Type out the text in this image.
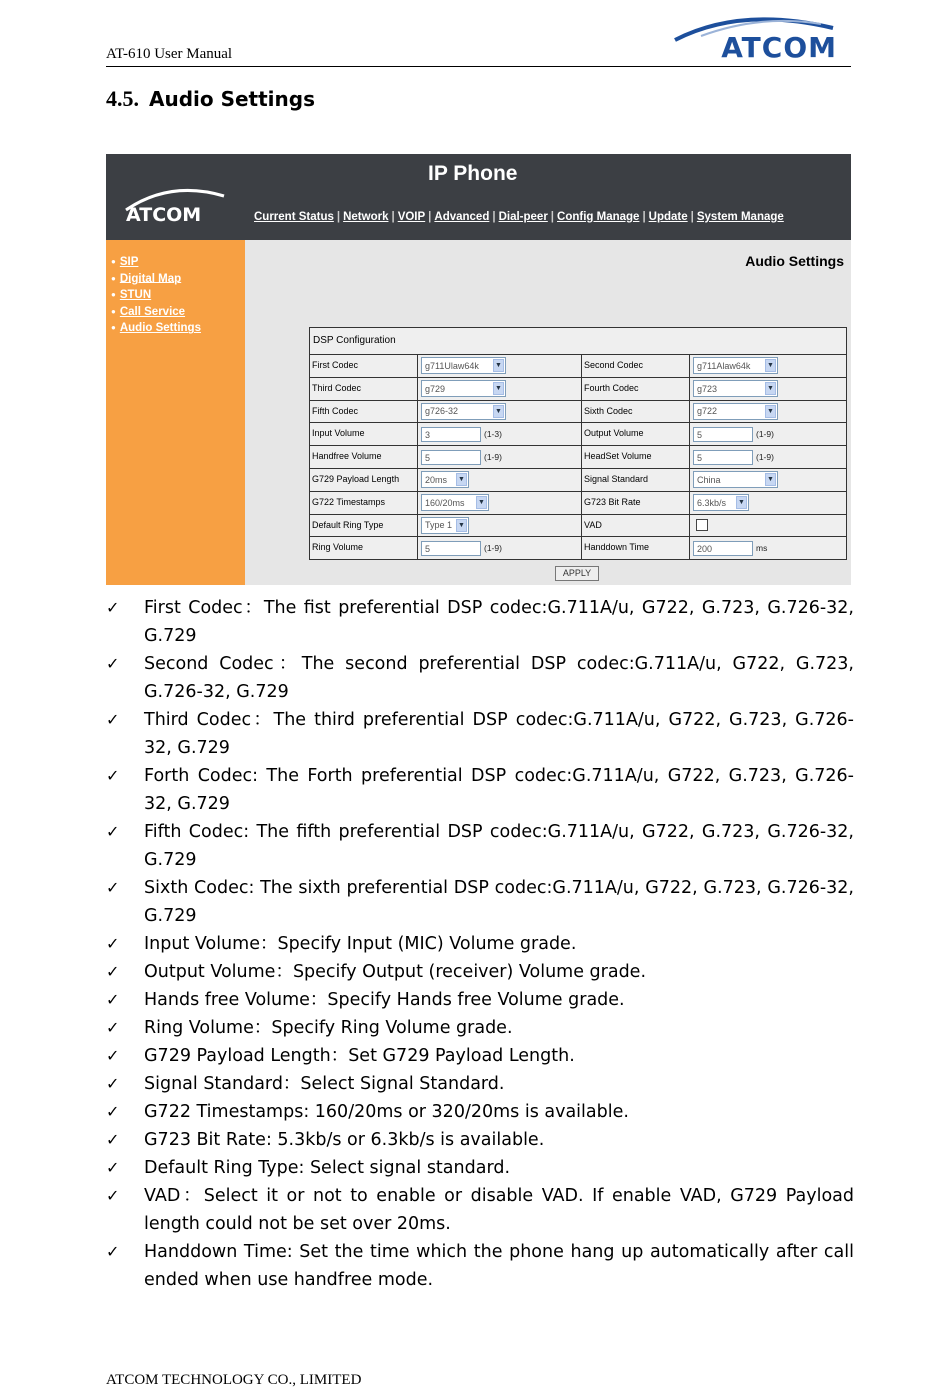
AT-610 User Manual	ATCOM
4.5. Audio Settings
ATCOM
IP Phone
Current Status | Network | VOIP | Advanced | Dial-peer | Config Manage | Update | System Manage
● SIP
● Digital Map
● STUN
● Call Service
● Audio Settings
Audio Settings
DSP Configuration
First Codec	g711Ulaw64k	▼	Second Codec	g711Alaw64k	▼
Third Codec	g729	▼	Fourth Codec	g723	▼
Fifth Codec	g726-32	▼	Sixth Codec	g722	▼
Input Volume	3	(1-3)	Output Volume	5	(1-9)
Handfree Volume	5	(1-9)	HeadSet Volume	5	(1-9)
G729 Payload Length	20ms	▼	Signal Standard	China	▼
G722 Timestamps	160/20ms	▼	G723 Bit Rate	6.3kb/s	▼
Default Ring Type	Type 1 ▼	VAD
Ring Volume	5	(1-9)	Handdown Time	200	ms
APPLY
✓ First Codec：The fist preferential DSP codec:G.711A/u, G722, G.723, G.726-32, G.729
✓ Second Codec：The second preferential DSP codec:G.711A/u, G722, G.723, G.726-32, G.729
✓ Third Codec：The third preferential DSP codec:G.711A/u, G722, G.723, G.726-32, G.729
✓ Forth Codec: The Forth preferential DSP codec:G.711A/u, G722, G.723, G.726-32, G.729
✓ Fifth Codec: The fifth preferential DSP codec:G.711A/u, G722, G.723, G.726-32, G.729
✓ Sixth Codec: The sixth preferential DSP codec:G.711A/u, G722, G.723, G.726-32, G.729
✓ Input Volume：Specify Input (MIC) Volume grade.
✓ Output Volume：Specify Output (receiver) Volume grade.
✓ Hands free Volume：Specify Hands free Volume grade.
✓ Ring Volume：Specify Ring Volume grade.
✓ G729 Payload Length：Set G729 Payload Length.
✓ Signal Standard：Select Signal Standard.
✓ G722 Timestamps: 160/20ms or 320/20ms is available.
✓ G723 Bit Rate: 5.3kb/s or 6.3kb/s is available.
✓ Default Ring Type: Select signal standard.
✓ VAD：Select it or not to enable or disable VAD. If enable VAD, G729 Payload length could not be set over 20ms.
✓ Handdown Time: Set the time which the phone hang up automatically after call ended when use handfree mode.
ATCOM TECHNOLOGY CO., LIMITED
